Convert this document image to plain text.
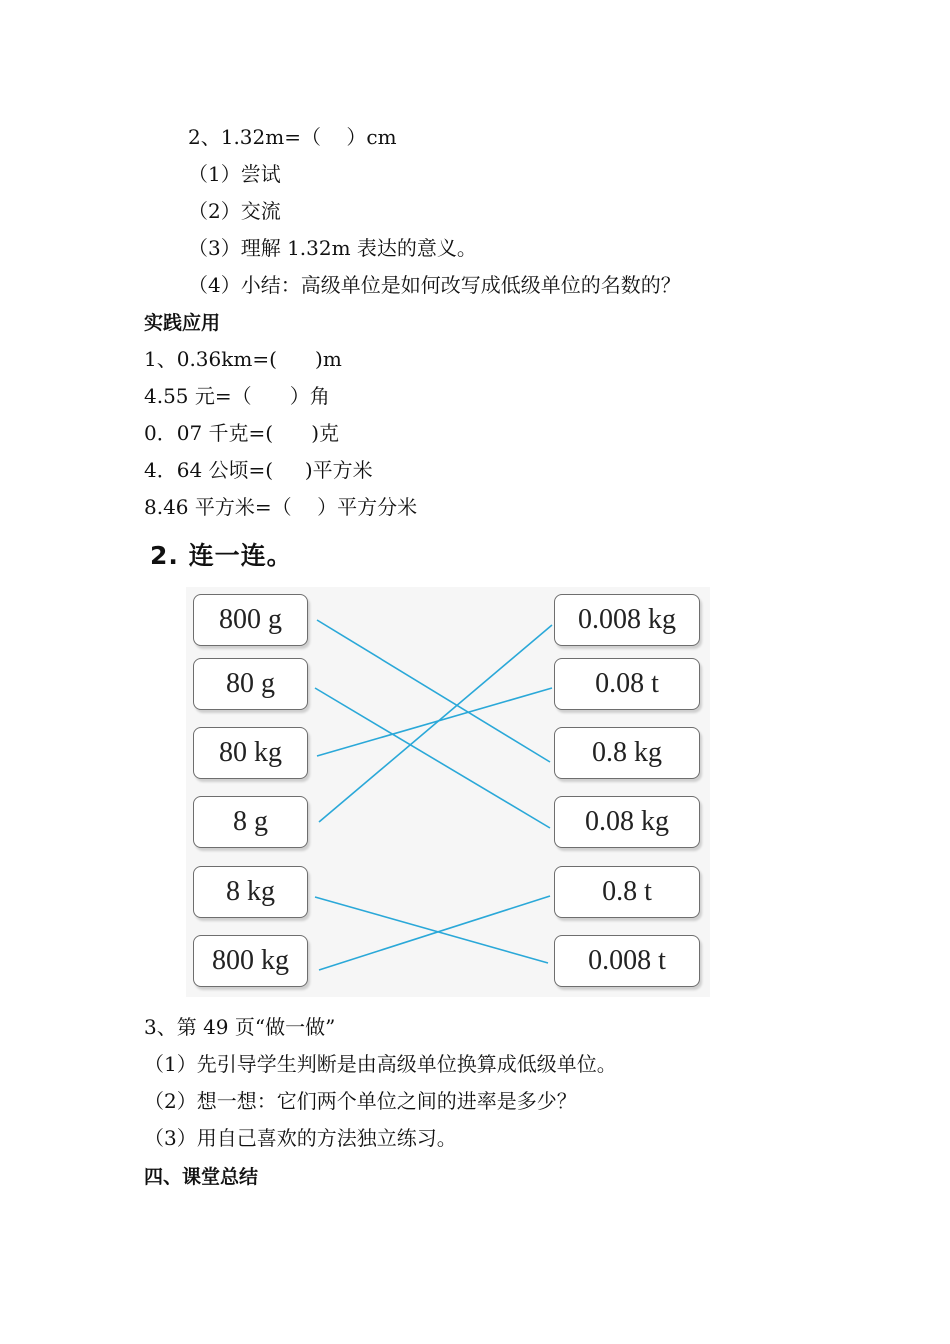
2、1.32m=（    ）cm
（1）尝试
（2）交流
（3）理解 1.32m 表达的意义。
（4）小结：高级单位是如何改写成低级单位的名数的？
实践应用
1、0.36km=(      )m
4.55 元=（      ）角
0．07 千克=(      )克
4．64 公顷=(     )平方米
8.46 平方米=（    ）平方分米
2. 连一连。
800 g
80 g
80 kg
8 g
8 kg
800 kg
0.008 kg
0.08 t
0.8 kg
0.08 kg
0.8 t
0.008 t
3、第 49 页“做一做”
（1）先引导学生判断是由高级单位换算成低级单位。
（2）想一想：它们两个单位之间的进率是多少？
（3）用自己喜欢的方法独立练习。
四、课堂总结
